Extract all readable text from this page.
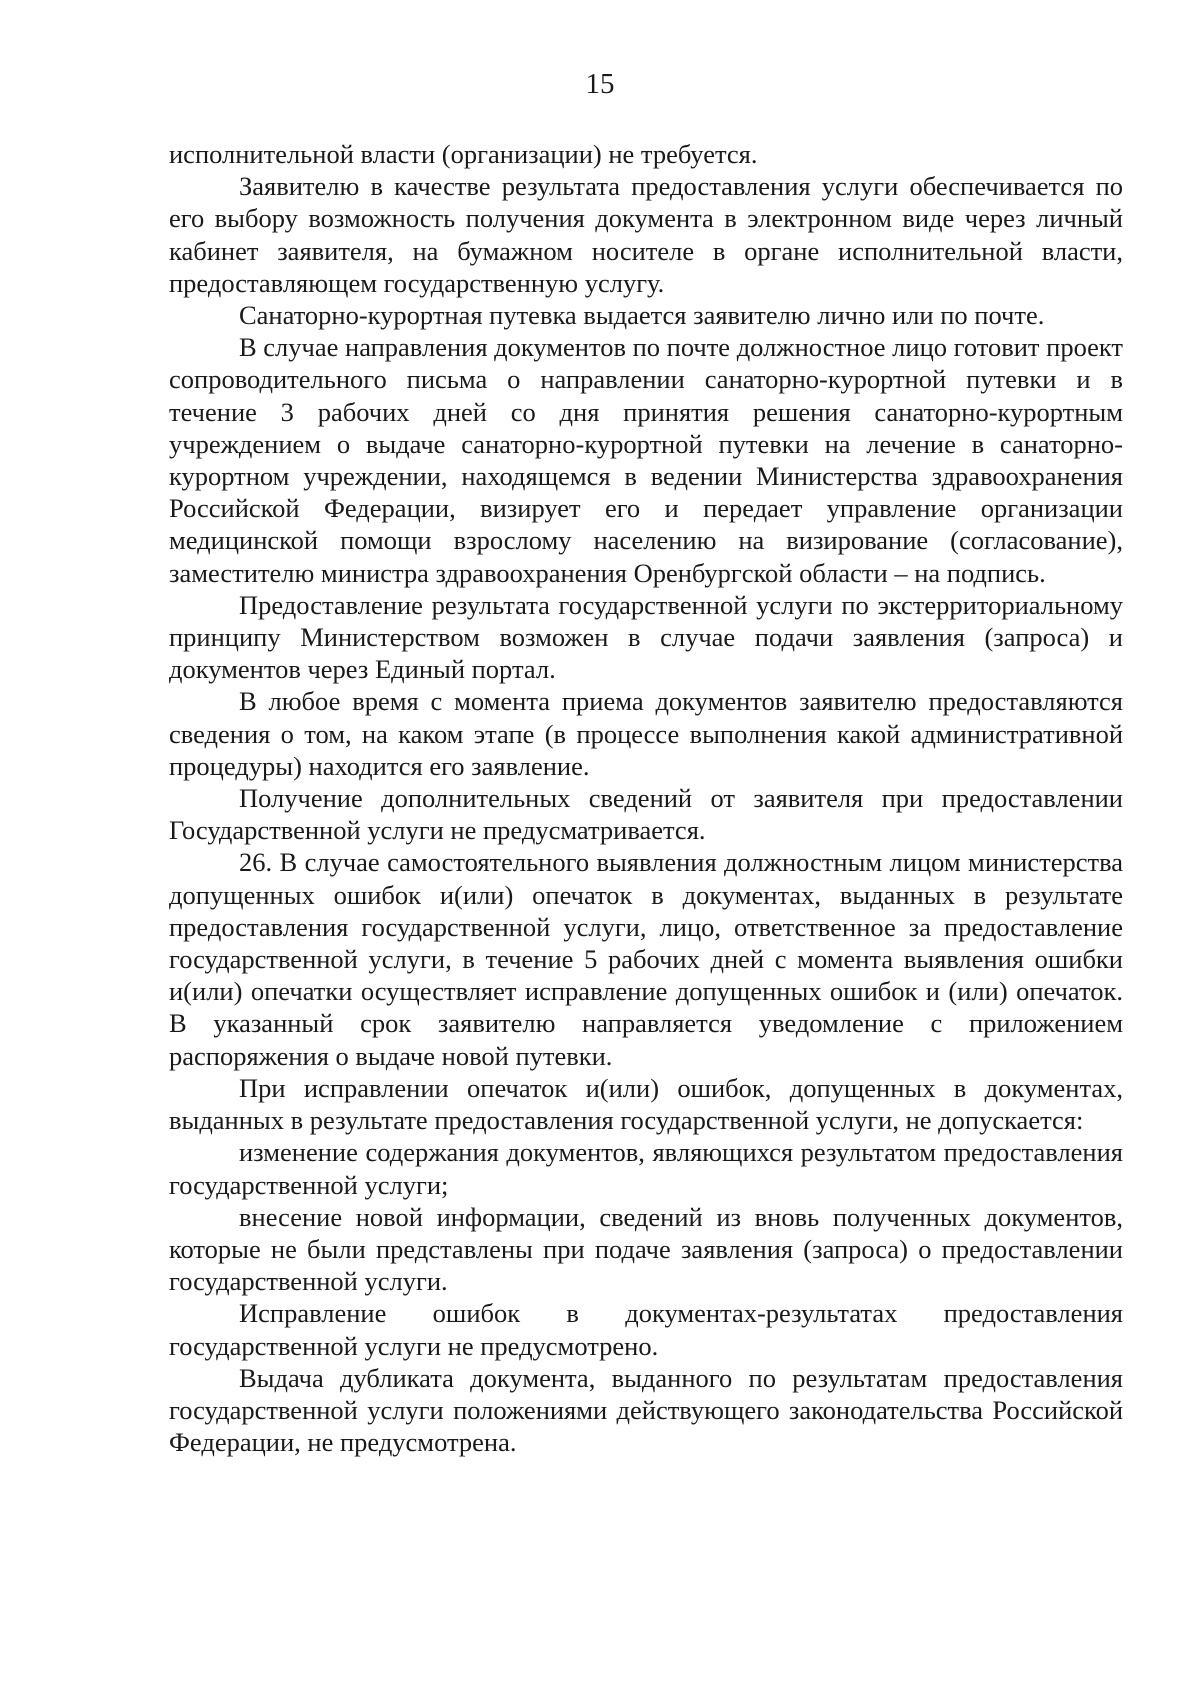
15

исполнительной власти (организации) не требуется.

Заявителю в качестве результата предоставления услуги обеспечивается по его выбору возможность получения документа в электронном виде через личный кабинет заявителя, на бумажном носителе в органе исполнительной власти, предоставляющем государственную услугу.

Санаторно-курортная путевка выдается заявителю лично или по почте.

В случае направления документов по почте должностное лицо готовит проект сопроводительного письма о направлении санаторно-курортной путевки и в течение 3 рабочих дней со дня принятия решения санаторно-курортным учреждением о выдаче санаторно-курортной путевки на лечение в санаторно-курортном учреждении, находящемся в ведении Министерства здравоохранения Российской Федерации, визирует его и передает управление организации медицинской помощи взрослому населению на визирование (согласование), заместителю министра здравоохранения Оренбургской области – на подпись.

Предоставление результата государственной услуги по экстерриториальному принципу Министерством возможен в случае подачи заявления (запроса) и документов через Единый портал.

В любое время с момента приема документов заявителю предоставляются сведения о том, на каком этапе (в процессе выполнения какой административной процедуры) находится его заявление.

Получение дополнительных сведений от заявителя при предоставлении Государственной услуги не предусматривается.

26. В случае самостоятельного выявления должностным лицом министерства допущенных ошибок и(или) опечаток в документах, выданных в результате предоставления государственной услуги, лицо, ответственное за предоставление государственной услуги, в течение 5 рабочих дней с момента выявления ошибки и(или) опечатки осуществляет исправление допущенных ошибок и (или) опечаток. В указанный срок заявителю направляется уведомление с приложением распоряжения о выдаче новой путевки.

При исправлении опечаток и(или) ошибок, допущенных в документах, выданных в результате предоставления государственной услуги, не допускается:

изменение содержания документов, являющихся результатом предоставления государственной услуги;

внесение новой информации, сведений из вновь полученных документов, которые не были представлены при подаче заявления (запроса) о предоставлении государственной услуги.

Исправление ошибок в документах-результатах предоставления государственной услуги не предусмотрено.

Выдача дубликата документа, выданного по результатам предоставления государственной услуги положениями действующего законодательства Российской Федерации, не предусмотрена.
